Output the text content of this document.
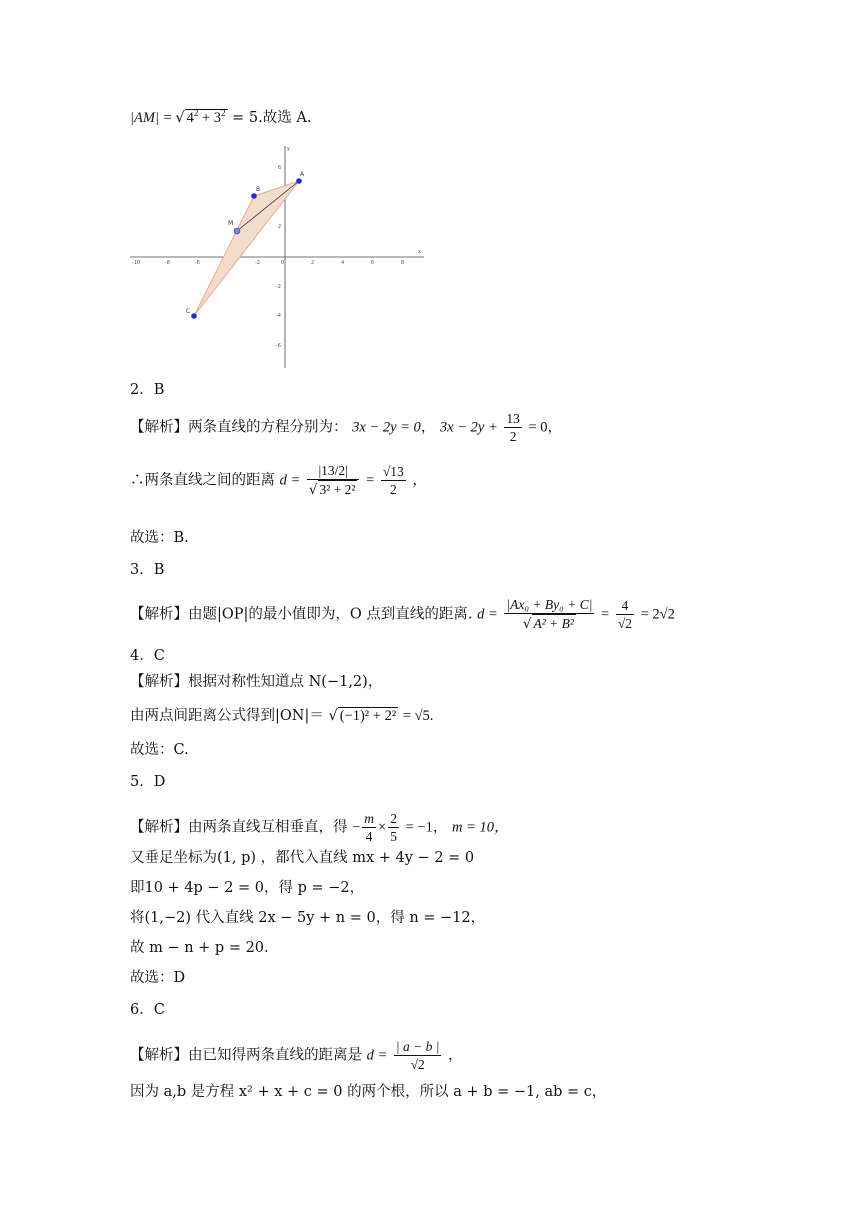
|AM| = √ $4^2 + 3^2 = 5$.故选 A.
x
y
-10	-8	-6	-2	0	2	4	6	8
6
2
-2
-4
-6
A
B
M
C
2．B
【解析】两条直线的方程分别为： 3x − 2y = 0， $3x - 2y + \frac{13}{2} = 0$，
∴两条直线之间的距离 $d = \frac{|13/2|}{\text{√ 3² + 2²}} = \frac{√13}{2}$ ，
故选：B.
3．B
【解析】由题|OP|的最小值即为，O 点到直线的距离. $d = \frac{\text{|Ax₀ + By₀ + C|}}{\text{√ A² + B²}} = \frac{4}{√2} = 2√2$
4．C
【解析】根据对称性知道点 N(−1,2)，
由两点间距离公式得到|ON|＝ √ (−1)² + 2² = √5.
故选：C.
5．D
【解析】由两条直线互相垂直，得 − $\frac{m}{4} \times \frac{2}{5} = -1$， m = 10，
又垂足坐标为(1, p) ，都代入直线 mx + 4y − 2 = 0
即10 + 4p − 2 = 0，得 p = −2，
将(1,−2) 代入直线 2x − 5y + n = 0，得 n = −12，
故 m − n + p = 20.
故选：D
6．C
【解析】由已知得两条直线的距离是 $d = \frac{| a - b |}{√2}$ ，
因为 a,b 是方程 x² + x + c = 0 的两个根，所以 a + b = −1, ab = c，
